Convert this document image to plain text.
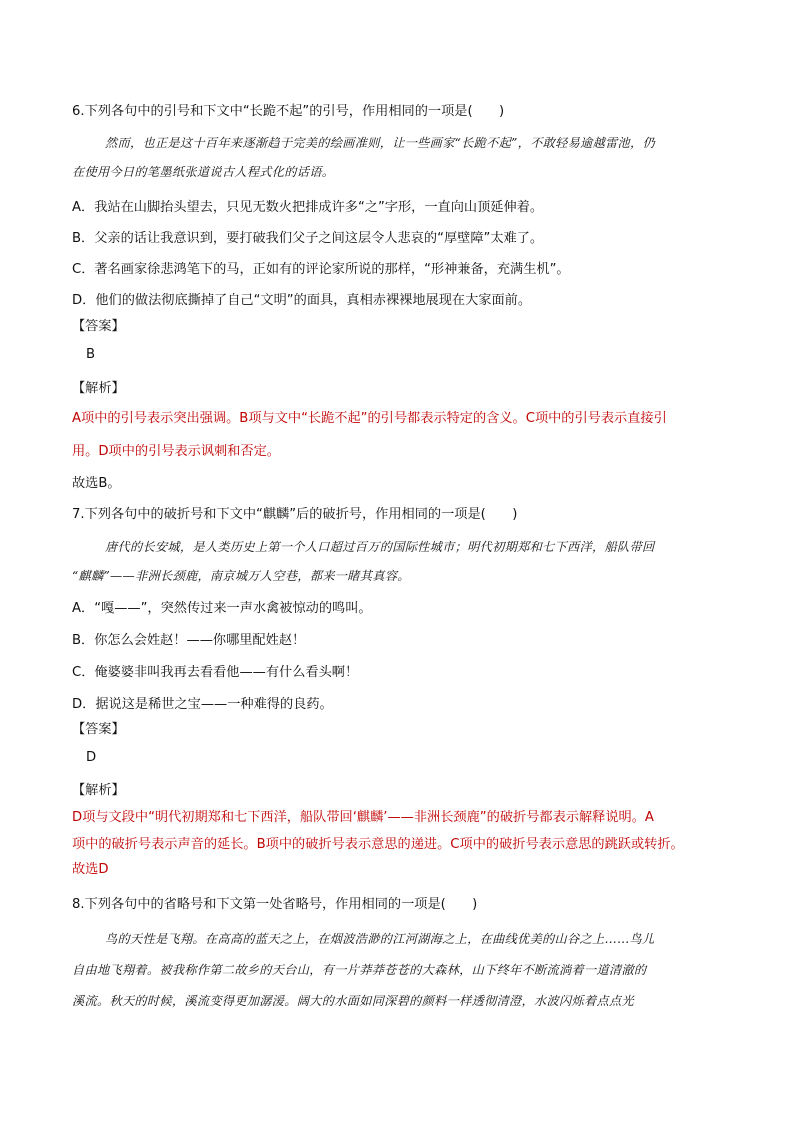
6.下列各句中的引号和下文中“长跪不起”的引号，作用相同的一项是(　　)
然而，也正是这十百年来逐渐趋于完美的绘画准则，让一些画家“长跪不起”，不敢轻易逾越雷池，仍
在使用今日的笔墨纸张道说古人程式化的话语。
A．我站在山脚抬头望去，只见无数火把排成许多“之”字形，一直向山顶延伸着。
B．父亲的话让我意识到，要打破我们父子之间这层令人悲哀的“厚壁障”太难了。
C．著名画家徐悲鸿笔下的马，正如有的评论家所说的那样，“形神兼备，充满生机”。
D．他们的做法彻底撕掉了自己“文明”的面具，真相赤裸裸地展现在大家面前。
【答案】
B
【解析】
A项中的引号表示突出强调。B项与文中“长跪不起”的引号都表示特定的含义。C项中的引号表示直接引
用。D项中的引号表示讽刺和否定。
故选B。
7.下列各句中的破折号和下文中“麒麟”后的破折号，作用相同的一项是(　　)
唐代的长安城，是人类历史上第一个人口超过百万的国际性城市；明代初期郑和七下西洋，船队带回
“麒麟”——非洲长颈鹿，南京城万人空巷，都来一睹其真容。
A．“嘎——”，突然传过来一声水禽被惊动的鸣叫。
B．你怎么会姓赵！——你哪里配姓赵！
C．俺婆婆非叫我再去看看他——有什么看头啊！
D．据说这是稀世之宝——一种难得的良药。
【答案】
D
【解析】
D项与文段中“明代初期郑和七下西洋，船队带回‘麒麟’——非洲长颈鹿”的破折号都表示解释说明。A
项中的破折号表示声音的延长。B项中的破折号表示意思的递进。C项中的破折号表示意思的跳跃或转折。
故选D
8.下列各句中的省略号和下文第一处省略号，作用相同的一项是(　　)
鸟的天性是飞翔。在高高的蓝天之上，在烟波浩渺的江河湖海之上，在曲线优美的山谷之上……鸟儿
自由地飞翔着。被我称作第二故乡的天台山，有一片莽莽苍苍的大森林，山下终年不断流淌着一道清澈的
溪流。秋天的时候，溪流变得更加潺湲。阔大的水面如同深碧的颜料一样透彻清澄，水波闪烁着点点光
